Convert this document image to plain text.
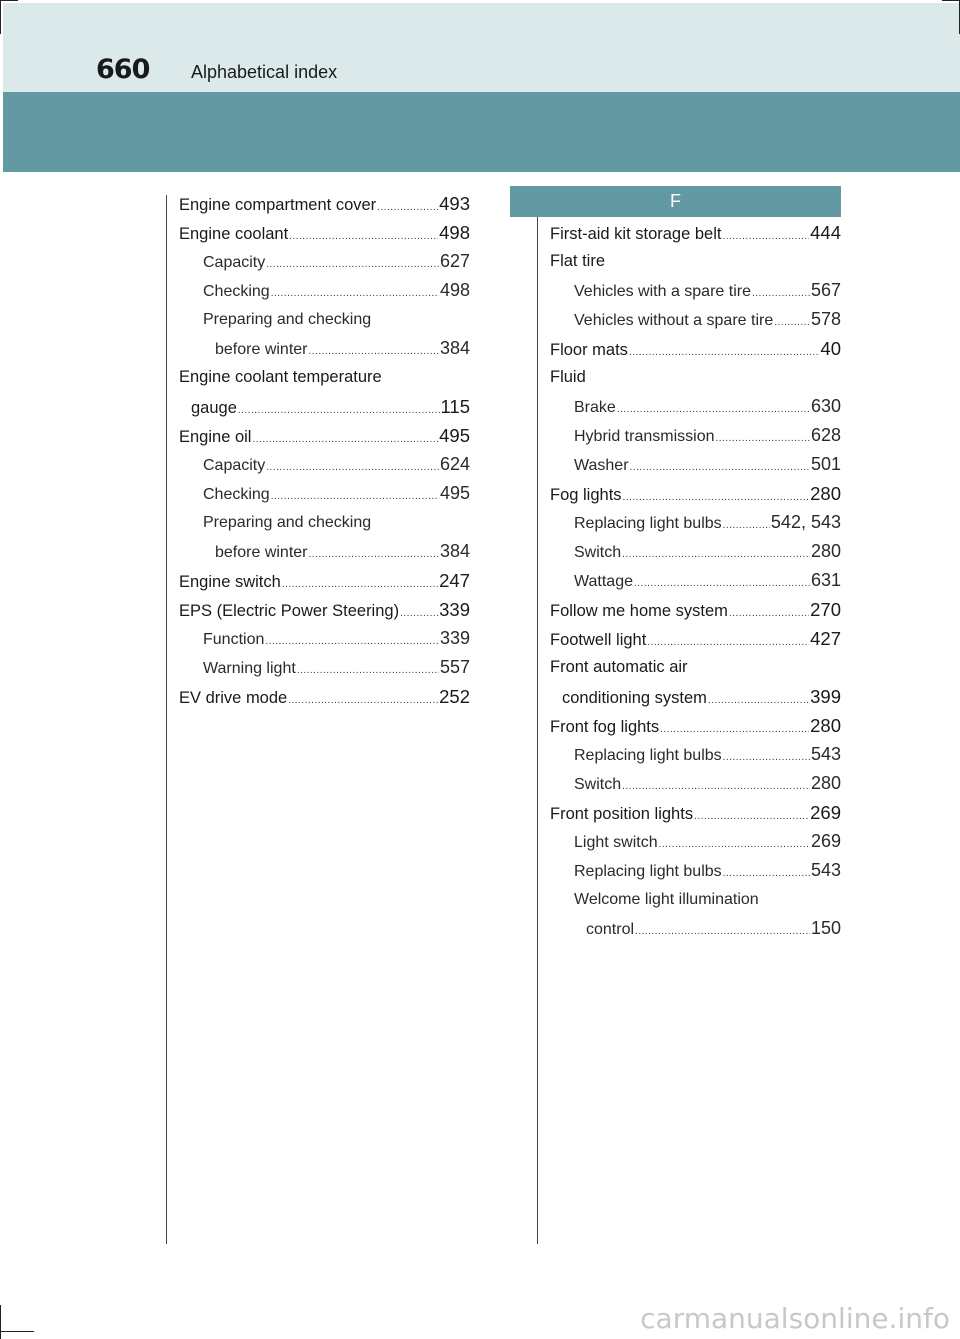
660 Alphabetical index
F
Engine compartment cover .....	493
Engine coolant .....	498
Capacity .....	627
Checking .....	498
Preparing and checking
before winter .....	384
Engine coolant temperature
gauge .....	115
Engine oil .....	495
Capacity .....	624
Checking .....	495
Preparing and checking
before winter .....	384
Engine switch .....	247
EPS (Electric Power Steering) ..... 339
Function .....	339
Warning light .....	557
EV drive mode .....	252
First-aid kit storage belt .....	444
Flat tire
Vehicles with a spare tire .....	567
Vehicles without a spare tire ..... 578
Floor mats .....	40
Fluid
Brake .....	630
Hybrid transmission .....	628
Washer .....	501
Fog lights .....	280
Replacing light bulbs .....	542, 543
Switch .....	280
Wattage .....	631
Follow me home system .....	270
Footwell light .....	427
Front automatic air
conditioning system .....	399
Front fog lights .....	280
Replacing light bulbs .....	543
Switch .....	280
Front position lights .....	269
Light switch .....	269
Replacing light bulbs .....	543
Welcome light illumination
control .....	150
carmanualsonline.info
